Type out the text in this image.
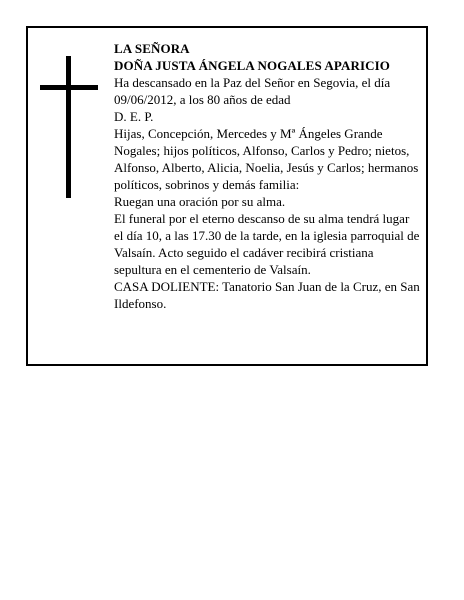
LA SEÑORA

DOÑA JUSTA ÁNGELA NOGALES APARICIO

Ha descansado en la Paz del Señor en Segovia, el día 09/06/2012, a los 80 años de edad

D. E. P.

Hijas, Concepción, Mercedes y Mª Ángeles Grande Nogales; hijos políticos, Alfonso, Carlos y Pedro; nietos, Alfonso, Alberto, Alicia, Noelia, Jesús y Carlos; hermanos políticos, sobrinos y demás familia:

Ruegan una oración por su alma.

El funeral por el eterno descanso de su alma tendrá lugar el día 10, a las 17.30 de la tarde, en la iglesia parroquial de Valsaín. Acto seguido el cadáver recibirá cristiana sepultura en el cementerio de Valsaín.

CASA DOLIENTE: Tanatorio San Juan de la Cruz, en San Ildefonso.
